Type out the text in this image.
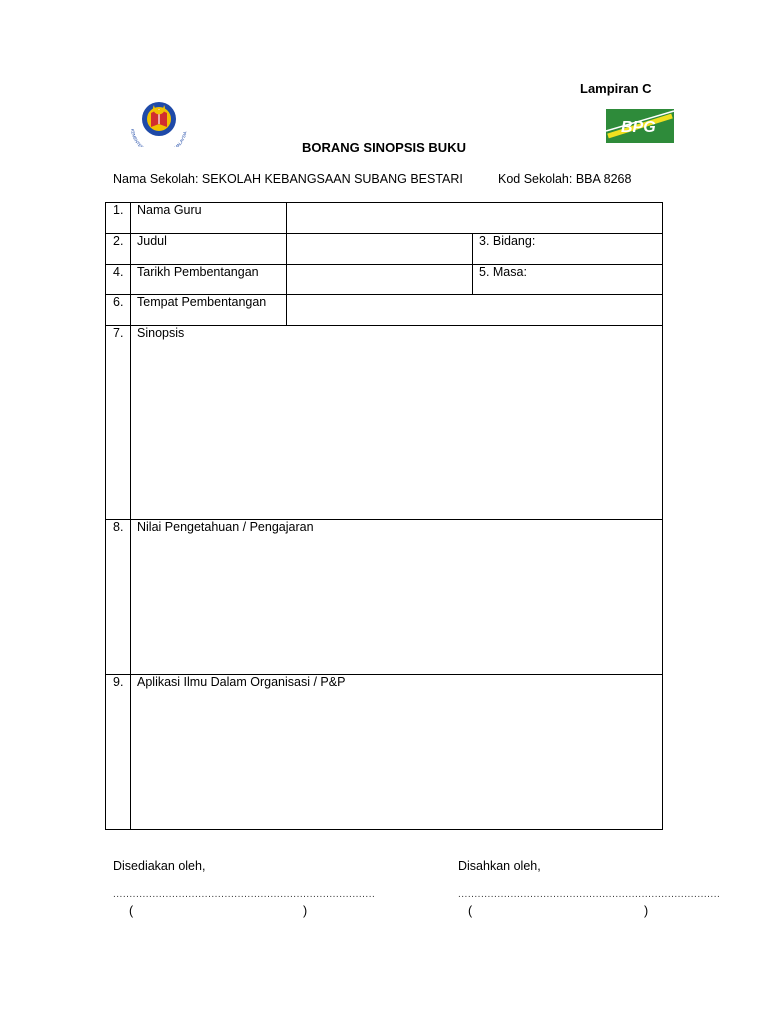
Lampiran C
BORANG SINOPSIS BUKU
Nama Sekolah: SEKOLAH KEBANGSAAN SUBANG BESTARI	Kod Sekolah: BBA 8268
KEMENTE ALAYSIA	BPG
1.	Nama Guru		
2.	Judul		3. Bidang:
4.	Tarikh Pembentangan		5. Masa:
6.	Tempat Pembentangan		
7.	Sinopsis		
8.	Nilai Pengetahuan / Pengajaran		
9.	Aplikasi Ilmu Dalam Organisasi / P&P		
Disediakan oleh,	Disahkan oleh,
................................................................................	................................................................................
(	)	(	)
